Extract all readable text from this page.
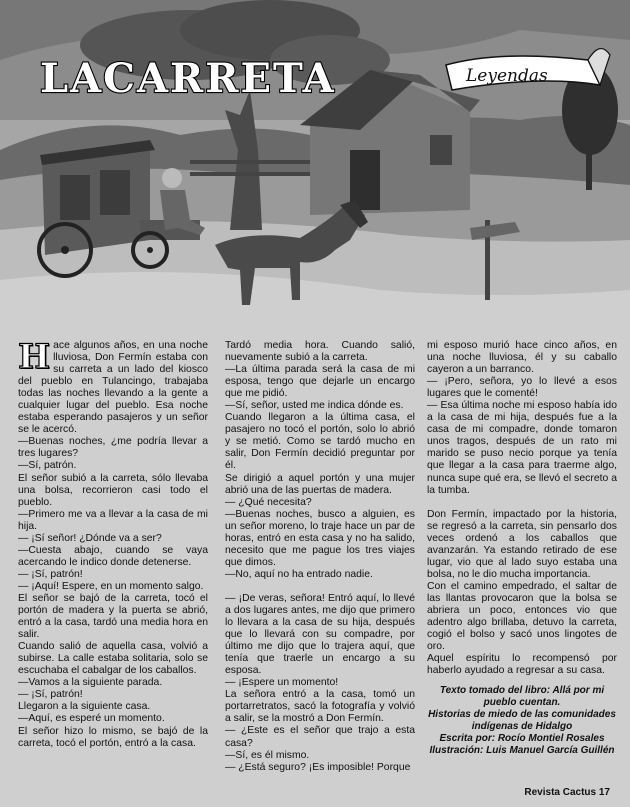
LACARRETA	Leyendas
H ace algunos años, en una noche lluviosa, Don Fermín estaba con su carreta a un lado del kiosco del pueblo en Tulancingo, trabajaba todas las noches llevando a la gente a cualquier lugar del pueblo. Esa noche estaba esperando pasajeros y un señor se le acercó.

—Buenas noches, ¿me podría llevar a tres lugares?

—Sí, patrón.

El señor subió a la carreta, sólo llevaba una bolsa, recorrieron casi todo el pueblo.

—Primero me va a llevar a la casa de mi hija.

— ¡Sí señor! ¿Dónde va a ser?

—Cuesta abajo, cuando se vaya acercando le indico donde detenerse.

— ¡Sí, patrón!

— ¡Aquí! Espere, en un momento salgo.

El señor se bajó de la carreta, tocó el portón de madera y la puerta se abrió, entró a la casa, tardó una media hora en salir.

Cuando salió de aquella casa, volvió a subirse. La calle estaba solitaria, solo se escuchaba el cabalgar de los caballos.

—Vamos a la siguiente parada.

— ¡Sí, patrón!

Llegaron a la siguiente casa.

—Aquí, es esperé un momento.

El señor hizo lo mismo, se bajó de la carreta, tocó el portón, entró a la casa.

Tardó media hora. Cuando salió, nuevamente subió a la carreta.

—La última parada será la casa de mi esposa, tengo que dejarle un encargo que me pidió.

—Sí, señor, usted me indica dónde es.

Cuando llegaron a la última casa, el pasajero no tocó el portón, solo lo abrió y se metió. Como se tardó mucho en salir, Don Fermín decidió preguntar por él.

Se dirigió a aquel portón y una mujer abrió una de las puertas de madera.

— ¿Qué necesita?

—Buenas noches, busco a alguien, es un señor moreno, lo traje hace un par de horas, entró en esta casa y no ha salido, necesito que me pague los tres viajes que dimos.

—No, aquí no ha entrado nadie.

— ¡De veras, señora! Entró aquí, lo llevé a dos lugares antes, me dijo que primero lo llevara a la casa de su hija, después que lo llevará con su compadre, por último me dijo que lo trajera aquí, que tenía que traerle un encargo a su esposa.

— ¡Espere un momento!

La señora entró a la casa, tomó un portarretratos, sacó la fotografía y volvió a salir, se la mostró a Don Fermín.

— ¿Este es el señor que trajo a esta casa?

—Sí, es él mismo.

— ¿Está seguro? ¡Es imposible! Porque

mi esposo murió hace cinco años, en una noche lluviosa, él y su caballo cayeron a un barranco.

— ¡Pero, señora, yo lo llevé a esos lugares que le comenté!

— Esa última noche mi esposo había ido a la casa de mi hija, después fue a la casa de mi compadre, donde tomaron unos tragos, después de un rato mi marido se puso necio porque ya tenía que llegar a la casa para traerme algo, nunca supe qué era, se llevó el secreto a la tumba.

Don Fermín, impactado por la historia, se regresó a la carreta, sin pensarlo dos veces ordenó a los caballos que avanzarán. Ya estando retirado de ese lugar, vio que al lado suyo estaba una bolsa, no le dio mucha importancia.

Con el camino empedrado, el saltar de las llantas provocaron que la bolsa se abriera un poco, entonces vio que adentro algo brillaba, detuvo la carreta, cogió el bolso y sacó unos lingotes de oro.

Aquel espíritu lo recompensó por haberlo ayudado a regresar a su casa.

Texto tomado del libro: Allá por mi pueblo cuentan.

Historias de miedo de las comunidades indígenas de Hidalgo

Escrita por: Rocío Montiel Rosales

Ilustración: Luis Manuel García Guillén

Revista Cactus 17
